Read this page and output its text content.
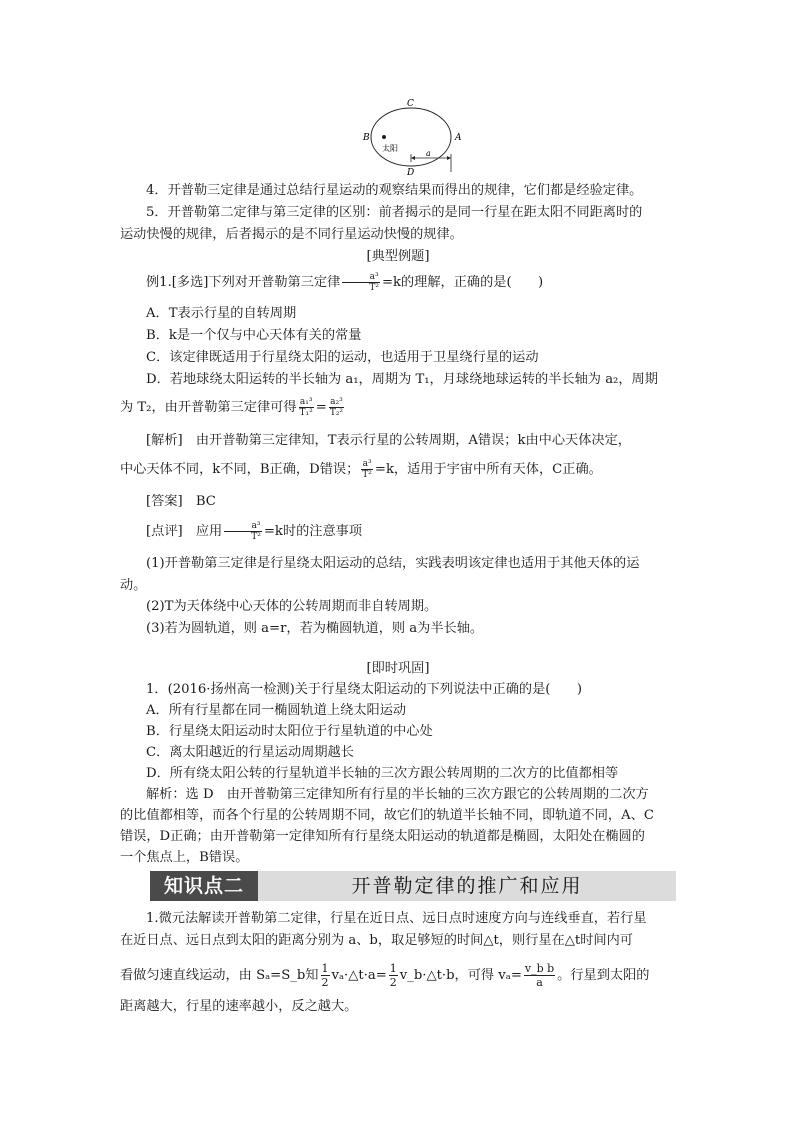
C
B	A
D
太阳
a

4．开普勒三定律是通过总结行星运动的观察结果而得出的规律，它们都是经验定律。

5．开普勒第二定律与第三定律的区别：前者揭示的是同一行星在距太阳不同距离时的

运动快慢的规律，后者揭示的是不同行星运动快慢的规律。

[典型例题]

例1.[多选]下列对开普勒第三定律 $\frac{\text{a³}}{\text{T²}} =k$的理解，正确的是(　　)

A．T表示行星的自转周期

B．k是一个仅与中心天体有关的常量

C．该定律既适用于行星绕太阳的运动，也适用于卫星绕行星的运动

D．若地球绕太阳运转的半长轴为 a₁，周期为 T₁，月球绕地球运转的半长轴为 a₂，周期

为 T₂，由开普勒第三定律可得 $\frac{\text{a₁³}}{\text{T₁²}} = \frac{\text{a₂³}}{\text{T₂²}}$

[解析]　由开普勒第三定律知，T表示行星的公转周期，A错误；k由中心天体决定，

中心天体不同，k不同，B正确，D错误； $\frac{\text{a³}}{\text{T²}} =k$，适用于宇宙中所有天体，C正确。

[答案]　BC

[点评]　应用 $\frac{\text{a³}}{\text{T²}} =k$时的注意事项

(1)开普勒第三定律是行星绕太阳运动的总结，实践表明该定律也适用于其他天体的运

动。

(2)T为天体绕中心天体的公转周期而非自转周期。

(3)若为圆轨道，则 a=r，若为椭圆轨道，则 a为半长轴。

[即时巩固]

1．(2016·扬州高一检测)关于行星绕太阳运动的下列说法中正确的是(　　)

A．所有行星都在同一椭圆轨道上绕太阳运动

B．行星绕太阳运动时太阳位于行星轨道的中心处

C．离太阳越近的行星运动周期越长

D．所有绕太阳公转的行星轨道半长轴的三次方跟公转周期的二次方的比值都相等

解析：选 D　由开普勒第三定律知所有行星的半长轴的三次方跟它的公转周期的二次方

的比值都相等，而各个行星的公转周期不同，故它们的轨道半长轴不同，即轨道不同，A、C

错误，D正确；由开普勒第一定律知所有行星绕太阳运动的轨道都是椭圆，太阳处在椭圆的

一个焦点上，B错误。

知识点二	开普勒定律的推广和应用

1.微元法解读开普勒第二定律，行星在近日点、远日点时速度方向与连线垂直，若行星

在近日点、远日点到太阳的距离分别为 a、b，取足够短的时间△t，则行星在△t时间内可

看做匀速直线运动，由 Sₐ=S_b知 $\frac{1}{2}$ vₐ·△t·a= $\frac{1}{2}$ v_b·△t·b，可得 $v_a= \frac{\text{v\_b b}}{a}$ 。行星到太阳的

距离越大，行星的速率越小，反之越大。
